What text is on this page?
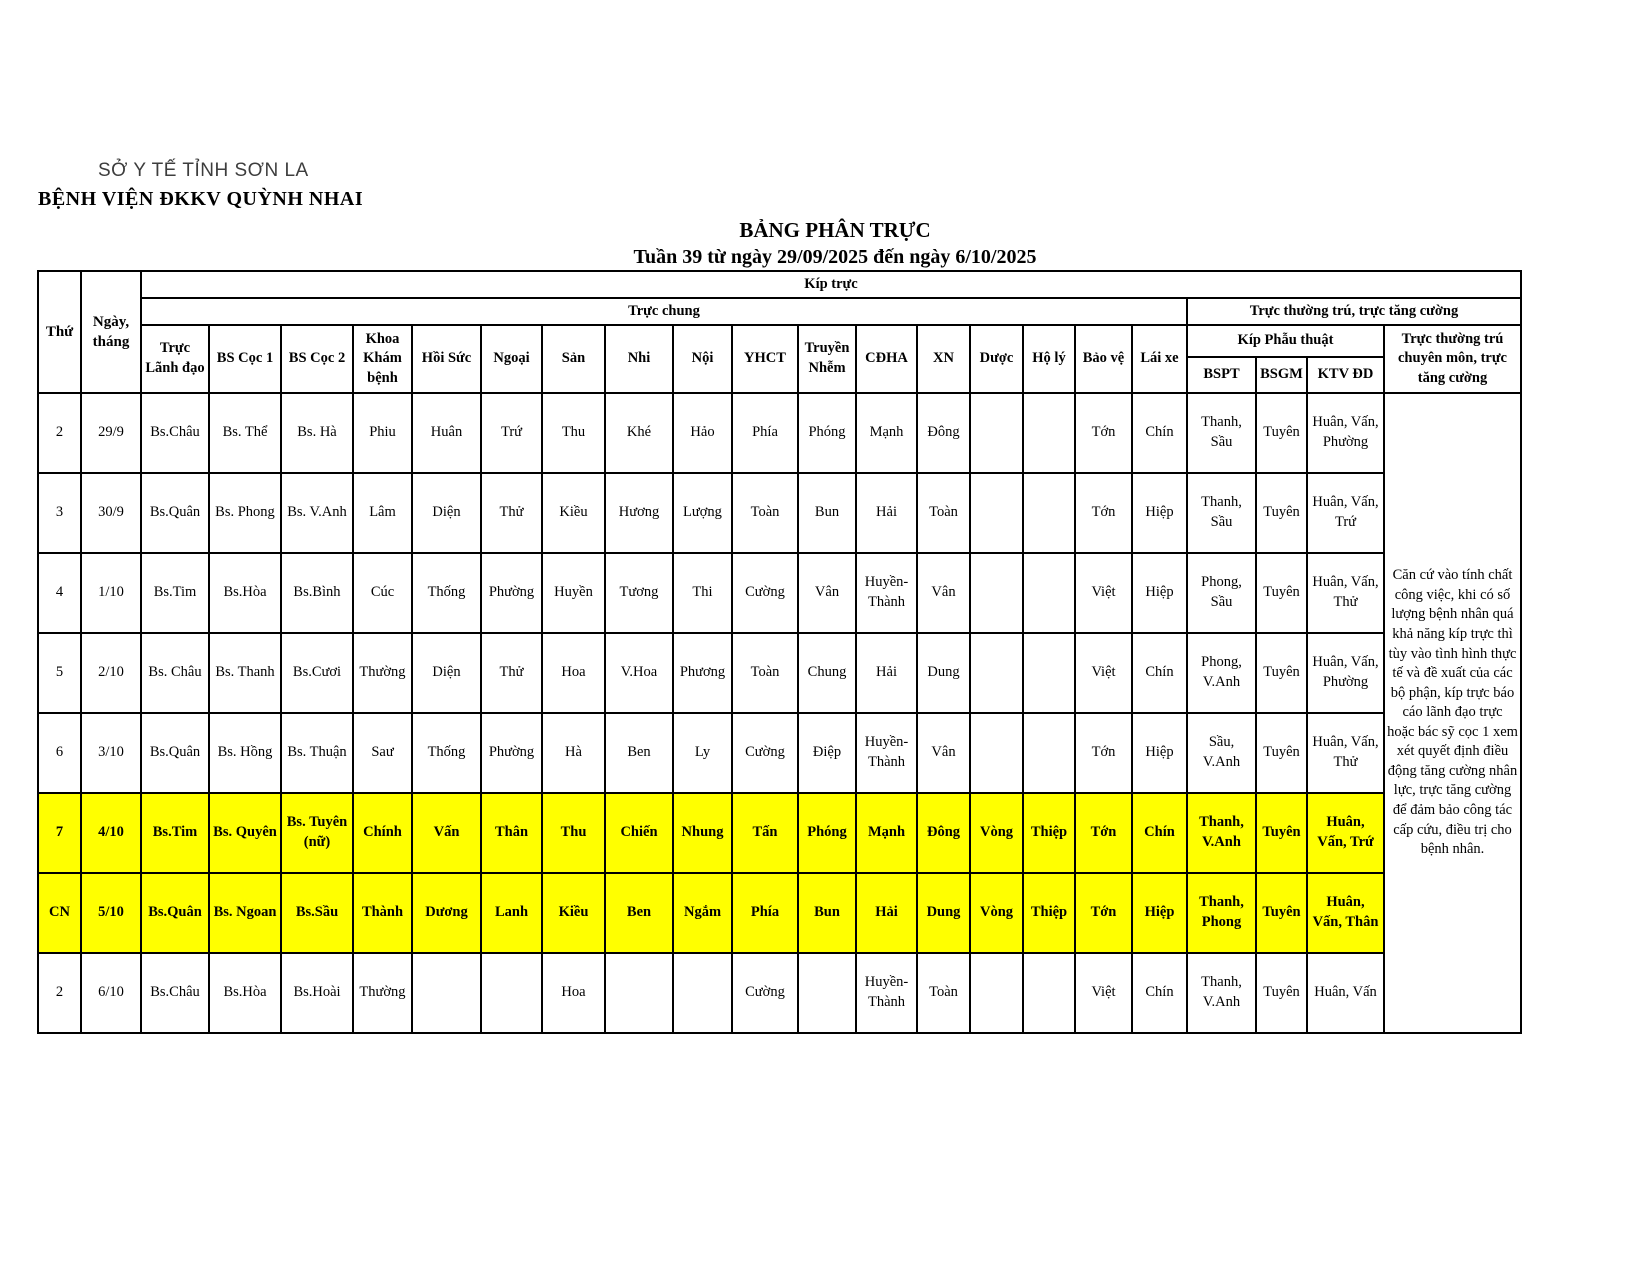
SỞ Y TẾ TỈNH SƠN LA
BỆNH VIỆN ĐKKV QUỲNH NHAI
BẢNG PHÂN TRỰC
Tuần 39 từ ngày 29/09/2025 đến ngày 6/10/2025
Thứ	Ngày, tháng	Kíp trực																				
		Trực chung																	Trực thường trú, trực tăng cường			
		Trực Lãnh đạo	BS Cọc 1	BS Cọc 2	Khoa Khám bệnh	Hồi Sức	Ngoại	Sản	Nhi	Nội	YHCT	Truyền Nhễm	CĐHA	XN	Dược	Hộ lý	Bảo vệ	Lái xe	Kíp Phẫu thuật			Trực thường trú chuyên môn, trực tăng cường
																			BSPT	BSGM	KTV ĐD	
2	29/9	Bs.Châu	Bs. Thể	Bs. Hà	Phiu	Huân	Trứ	Thu	Khé	Hảo	Phía	Phóng	Mạnh	Đông			Tớn	Chín	Thanh, Sầu	Tuyên	Huân, Vấn, Phường	Căn cứ vào tính chất công việc, khi có số lượng bệnh nhân quá khả năng kíp trực thì tùy vào tình hình thực tế và đề xuất của các bộ phận, kíp trực báo cáo lãnh đạo trực hoặc bác sỹ cọc 1 xem xét quyết định điều động tăng cường nhân lực, trực tăng cường để đảm bảo công tác cấp cứu, điều trị cho bệnh nhân.
3	30/9	Bs.Quân	Bs. Phong	Bs. V.Anh	Lâm	Diện	Thử	Kiều	Hương	Lượng	Toàn	Bun	Hải	Toàn			Tớn	Hiệp	Thanh, Sầu	Tuyên	Huân, Vấn, Trứ	
4	1/10	Bs.Tim	Bs.Hòa	Bs.Bình	Cúc	Thống	Phường	Huyền	Tương	Thi	Cường	Vân	Huyền-Thành	Vân			Việt	Hiệp	Phong, Sầu	Tuyên	Huân, Vấn, Thử	
5	2/10	Bs. Châu	Bs. Thanh	Bs.Cươi	Thường	Diện	Thử	Hoa	V.Hoa	Phương	Toàn	Chung	Hải	Dung			Việt	Chín	Phong, V.Anh	Tuyên	Huân, Vấn, Phường	
6	3/10	Bs.Quân	Bs. Hồng	Bs. Thuận	Saư	Thống	Phường	Hà	Ben	Ly	Cường	Điệp	Huyền-Thành	Vân			Tớn	Hiệp	Sầu, V.Anh	Tuyên	Huân, Vấn, Thử	
7	4/10	Bs.Tim	Bs. Quyên	Bs. Tuyên (nữ)	Chính	Vấn	Thân	Thu	Chiến	Nhung	Tấn	Phóng	Mạnh	Đông	Vòng	Thiệp	Tớn	Chín	Thanh, V.Anh	Tuyên	Huân, Vấn, Trứ	
CN	5/10	Bs.Quân	Bs. Ngoan	Bs.Sầu	Thành	Dương	Lanh	Kiều	Ben	Ngắm	Phía	Bun	Hải	Dung	Vòng	Thiệp	Tớn	Hiệp	Thanh, Phong	Tuyên	Huân, Vấn, Thân	
2	6/10	Bs.Châu	Bs.Hòa	Bs.Hoài	Thường			Hoa			Cường		Huyền-Thành	Toàn			Việt	Chín	Thanh, V.Anh	Tuyên	Huân, Vấn	
